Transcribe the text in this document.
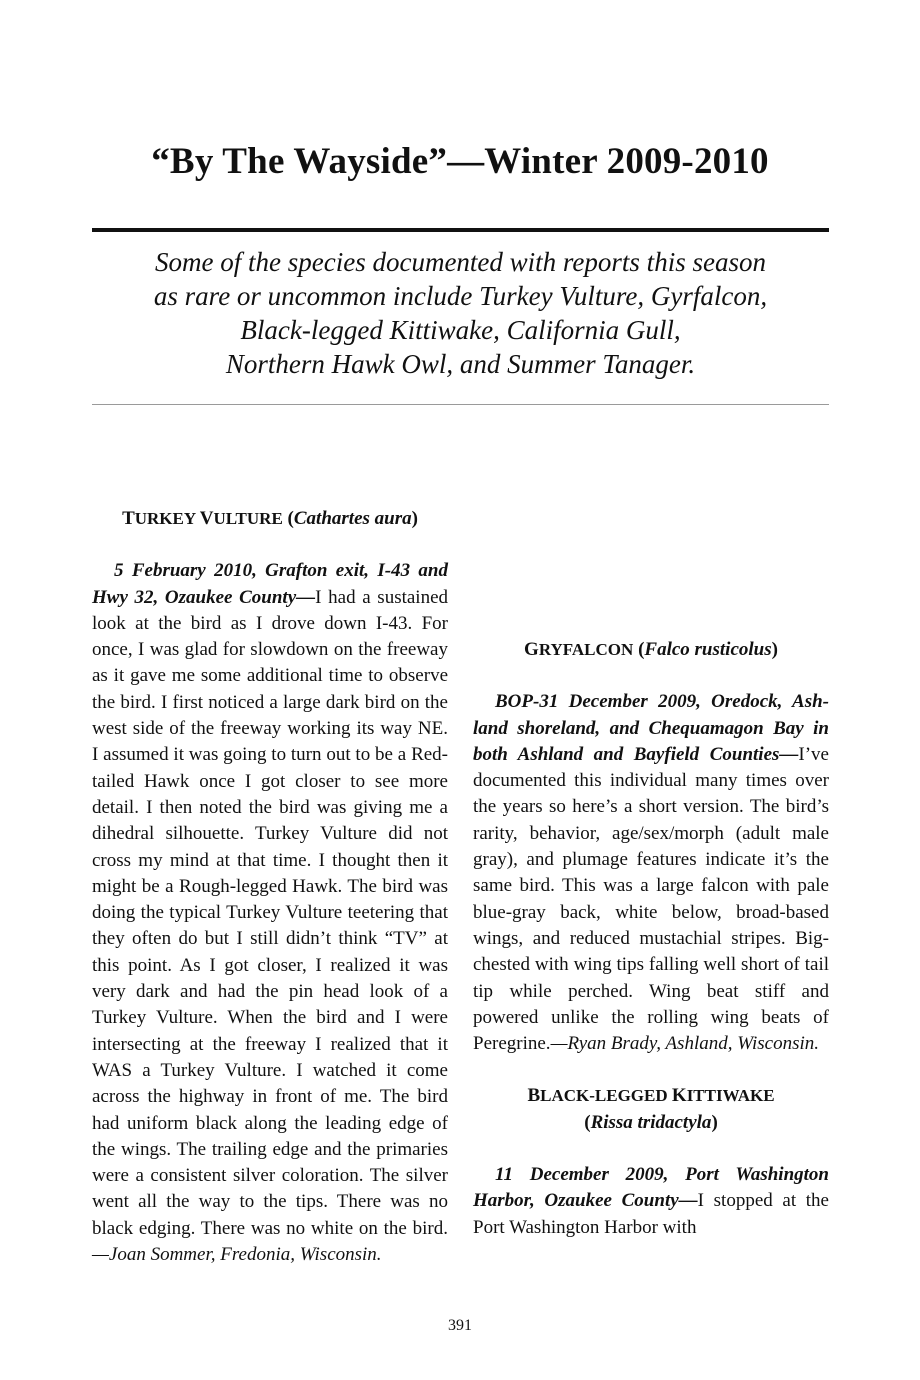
“By The Wayside”—Winter 2009-2010
Some of the species documented with reports this season
as rare or uncommon include Turkey Vulture, Gyrfalcon,
Black-legged Kittiwake, California Gull,
Northern Hawk Owl, and Summer Tanager.

TURKEY VULTURE (Cathartes aura)

5 February 2010, Grafton exit, I-43 and Hwy 32, Ozaukee County—I had a sustained look at the bird as I drove down I-43. For once, I was glad for slowdown on the freeway as it gave me some additional time to observe the bird. I first noticed a large dark bird on the west side of the freeway working its way NE. I assumed it was going to turn out to be a Red-tailed Hawk once I got closer to see more detail. I then noted the bird was giving me a dihedral silhouette. Turkey Vulture did not cross my mind at that time. I thought then it might be a Rough-legged Hawk. The bird was doing the typical Turkey Vulture teetering that they often do but I still didn’t think “TV” at this point. As I got closer, I realized it was very dark and had the pin head look of a Turkey Vulture. When the bird and I were intersecting at the freeway I realized that it WAS a Turkey Vulture. I watched it come across the highway in front of me. The bird had uniform black along the leading edge of the wings. The trailing edge and the primaries were a consistent silver coloration. The silver went all the way to the tips. There was no black edging. There was no white on the bird.—Joan Sommer, Fredonia, Wisconsin.

GRYFALCON (Falco rusticolus)

BOP-31 December 2009, Oredock, Ashland shoreland, and Chequamagon Bay in both Ashland and Bayfield Counties—I’ve documented this individual many times over the years so here’s a short version. The bird’s rarity, behavior, age/sex/morph (adult male gray), and plumage features indicate it’s the same bird. This was a large falcon with pale blue-gray back, white below, broad-based wings, and reduced mustachial stripes. Big-chested with wing tips falling well short of tail tip while perched. Wing beat stiff and powered unlike the rolling wing beats of Peregrine.—Ryan Brady, Ashland, Wisconsin.

BLACK-LEGGED KITTIWAKE
(Rissa tridactyla)

11 December 2009, Port Washington Harbor, Ozaukee County—I stopped at the Port Washington Harbor with

391
